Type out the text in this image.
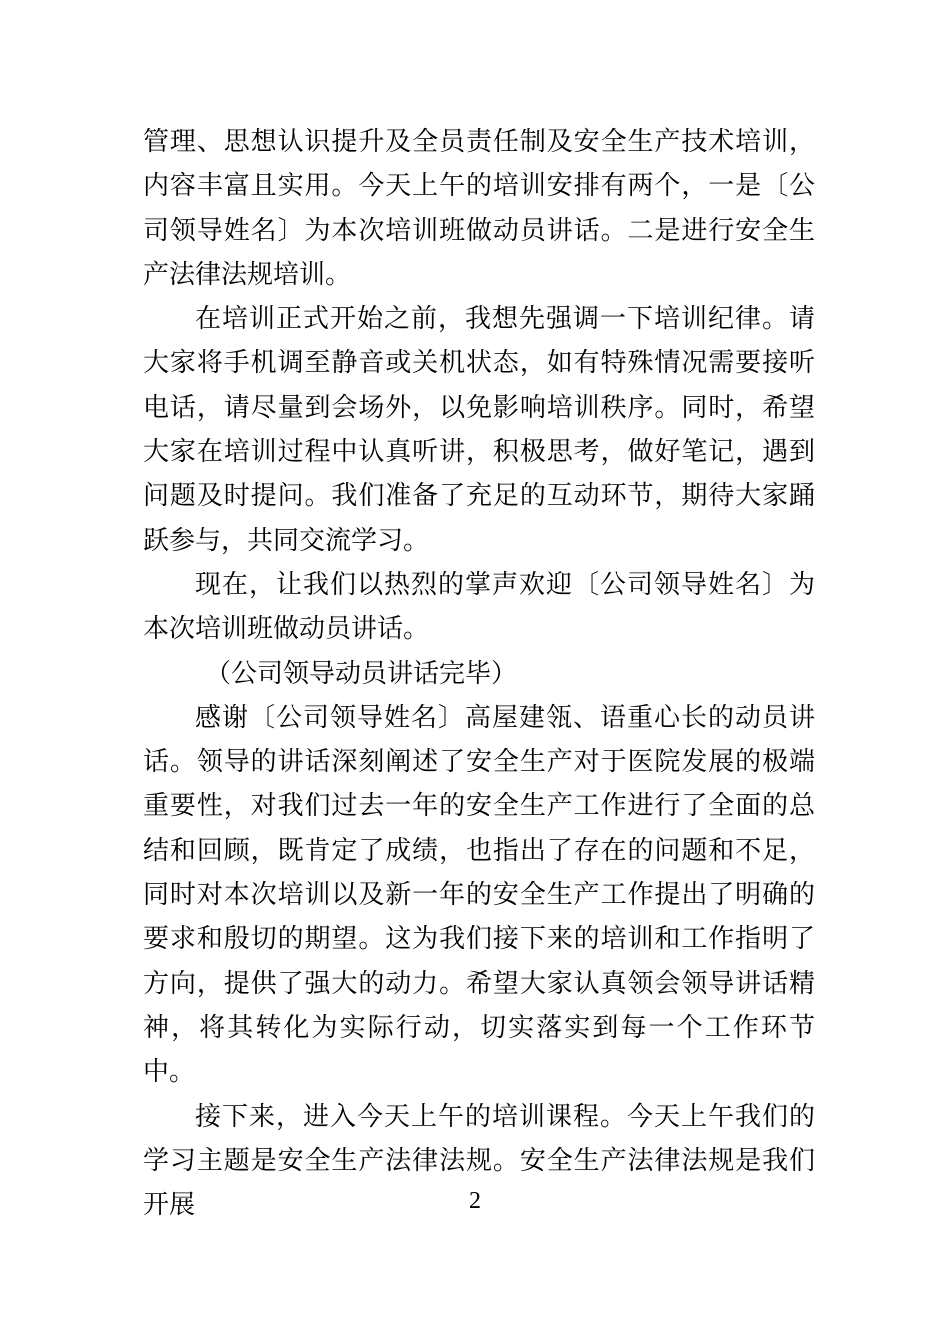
管理、思想认识提升及全员责任制及安全生产技术培训，内容丰富且实用。今天上午的培训安排有两个，一是〔公司领导姓名〕为本次培训班做动员讲话。二是进行安全生产法律法规培训。

在培训正式开始之前，我想先强调一下培训纪律。请大家将手机调至静音或关机状态，如有特殊情况需要接听电话，请尽量到会场外，以免影响培训秩序。同时，希望大家在培训过程中认真听讲，积极思考，做好笔记，遇到问题及时提问。我们准备了充足的互动环节，期待大家踊跃参与，共同交流学习。

现在，让我们以热烈的掌声欢迎〔公司领导姓名〕为本次培训班做动员讲话。

（公司领导动员讲话完毕）

感谢〔公司领导姓名〕高屋建瓴、语重心长的动员讲话。领导的讲话深刻阐述了安全生产对于医院发展的极端重要性，对我们过去一年的安全生产工作进行了全面的总结和回顾，既肯定了成绩，也指出了存在的问题和不足，同时对本次培训以及新一年的安全生产工作提出了明确的要求和殷切的期望。这为我们接下来的培训和工作指明了方向，提供了强大的动力。希望大家认真领会领导讲话精神，将其转化为实际行动，切实落实到每一个工作环节中。

接下来，进入今天上午的培训课程。今天上午我们的学习主题是安全生产法律法规。安全生产法律法规是我们开展	2
